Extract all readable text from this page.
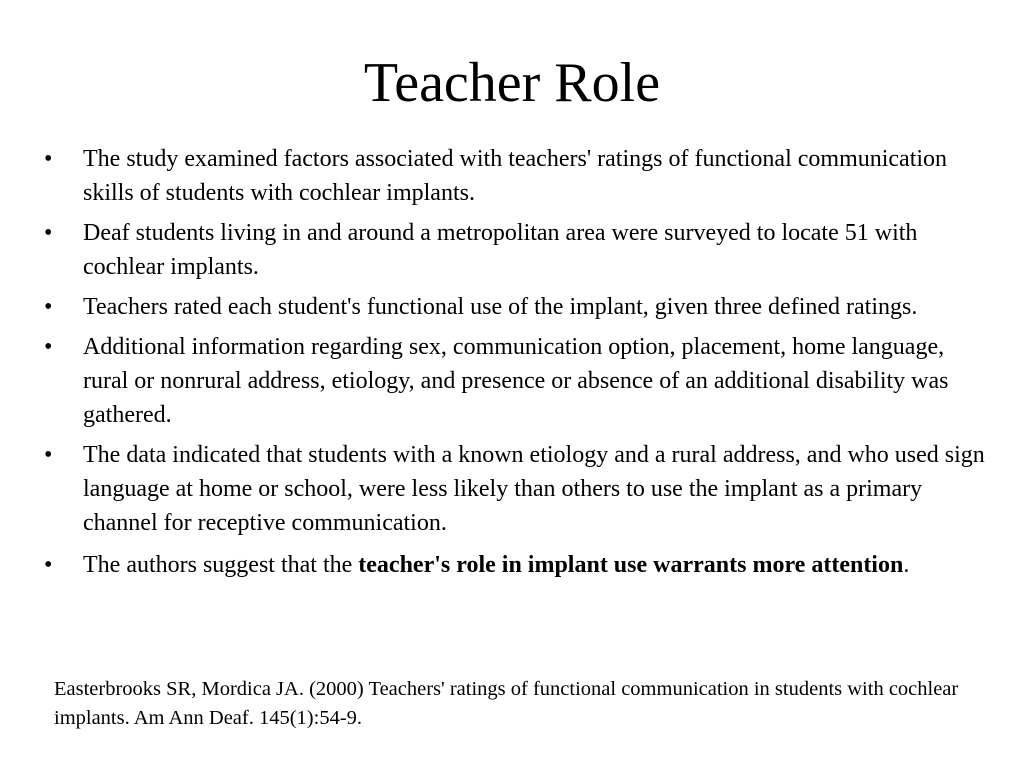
Teacher Role
• The study examined factors associated with teachers' ratings of functional communication skills of students with cochlear implants.
• Deaf students living in and around a metropolitan area were surveyed to locate 51 with cochlear implants.
• Teachers rated each student's functional use of the implant, given three defined ratings.
• Additional information regarding sex, communication option, placement, home language, rural or nonrural address, etiology, and presence or absence of an additional disability was gathered.
• The data indicated that students with a known etiology and a rural address, and who used sign language at home or school, were less likely than others to use the implant as a primary channel for receptive communication.
• The authors suggest that the teacher's role in implant use warrants more attention.

Easterbrooks SR, Mordica JA. (2000) Teachers' ratings of functional communication in students with cochlear implants. Am Ann Deaf. 145(1):54-9.
